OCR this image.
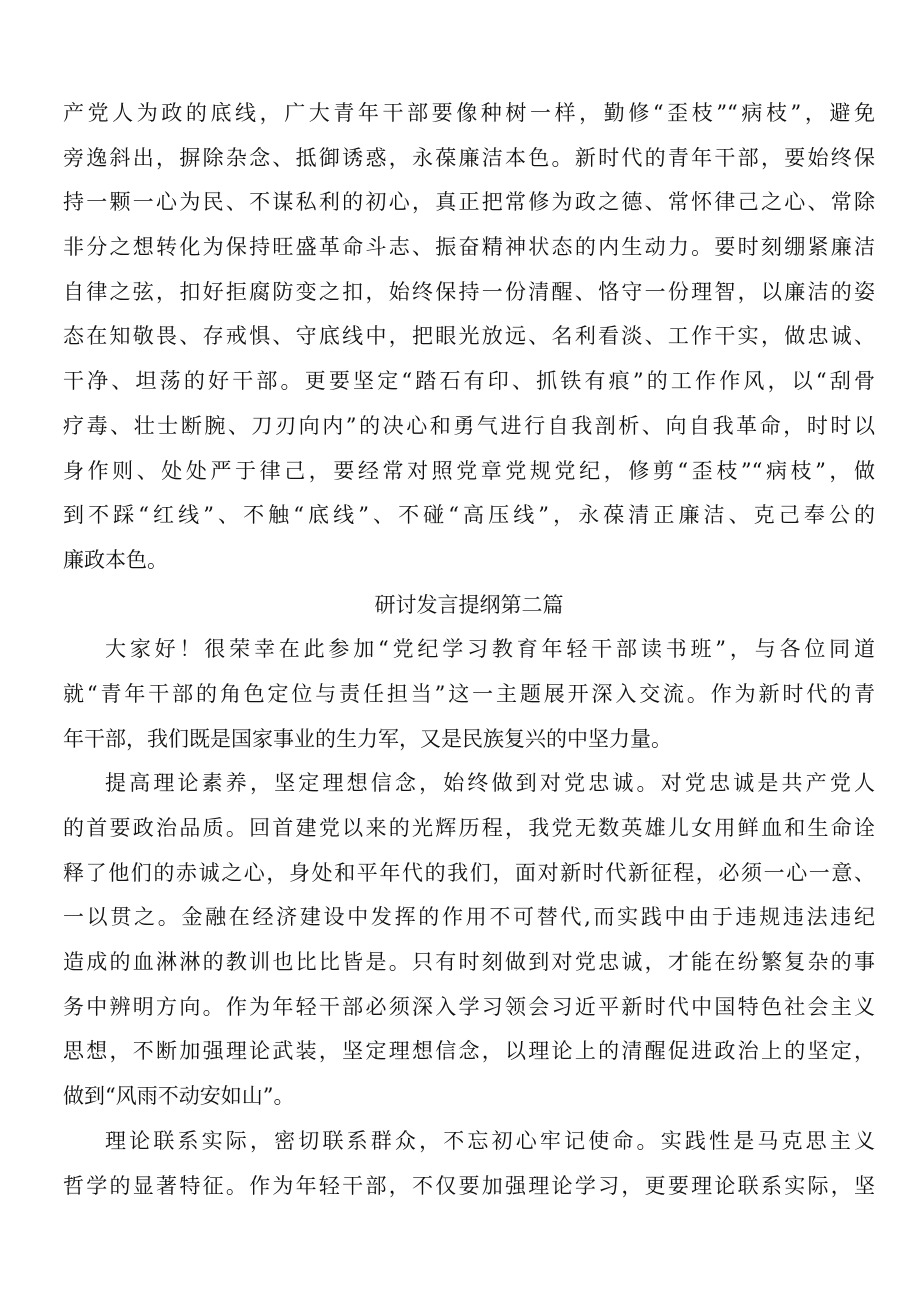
产党人为政的底线，广大青年干部要像种树一样，勤修“歪枝”“病枝”，避免
旁逸斜出，摒除杂念、抵御诱惑，永葆廉洁本色。新时代的青年干部，要始终保
持一颗一心为民、不谋私利的初心，真正把常修为政之德、常怀律己之心、常除
非分之想转化为保持旺盛革命斗志、振奋精神状态的内生动力。要时刻绷紧廉洁
自律之弦，扣好拒腐防变之扣，始终保持一份清醒、恪守一份理智，以廉洁的姿
态在知敬畏、存戒惧、守底线中，把眼光放远、名利看淡、工作干实，做忠诚、
干净、坦荡的好干部。更要坚定“踏石有印、抓铁有痕”的工作作风，以“刮骨
疗毒、壮士断腕、刀刃向内”的决心和勇气进行自我剖析、向自我革命，时时以
身作则、处处严于律己，要经常对照党章党规党纪，修剪“歪枝”“病枝”，做
到不踩“红线”、不触“底线”、不碰“高压线”，永葆清正廉洁、克己奉公的
廉政本色。
研讨发言提纲第二篇
大家好！很荣幸在此参加“党纪学习教育年轻干部读书班”，与各位同道
就“青年干部的角色定位与责任担当”这一主题展开深入交流。作为新时代的青
年干部，我们既是国家事业的生力军，又是民族复兴的中坚力量。
提高理论素养，坚定理想信念，始终做到对党忠诚。对党忠诚是共产党人
的首要政治品质。回首建党以来的光辉历程，我党无数英雄儿女用鲜血和生命诠
释了他们的赤诚之心，身处和平年代的我们，面对新时代新征程，必须一心一意、
一以贯之。金融在经济建设中发挥的作用不可替代,而实践中由于违规违法违纪
造成的血淋淋的教训也比比皆是。只有时刻做到对党忠诚，才能在纷繁复杂的事
务中辨明方向。作为年轻干部必须深入学习领会习近平新时代中国特色社会主义
思想，不断加强理论武装，坚定理想信念，以理论上的清醒促进政治上的坚定，
做到“风雨不动安如山”。
理论联系实际，密切联系群众，不忘初心牢记使命。实践性是马克思主义
哲学的显著特征。作为年轻干部，不仅要加强理论学习，更要理论联系实际，坚
